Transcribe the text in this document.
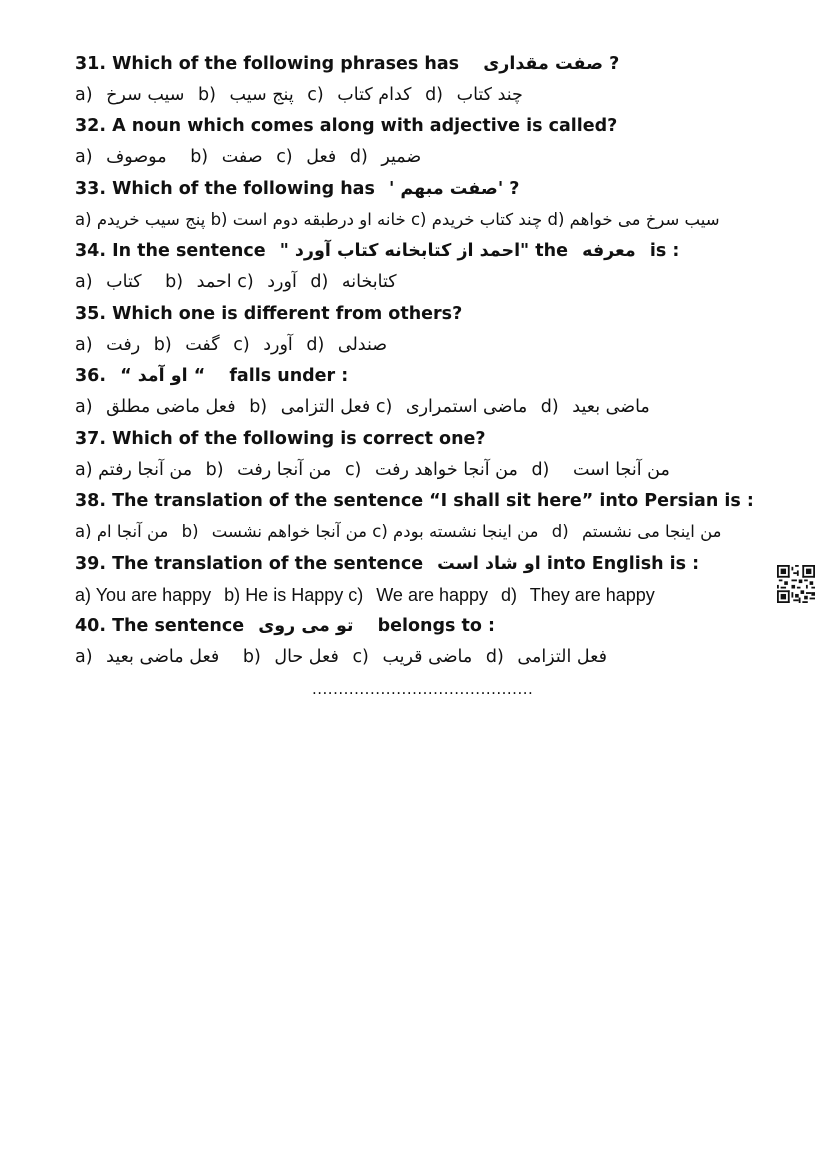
31. Which of the following phrases has صفت مقداری ?
a) سیب سرخ b) پنج سیب c) کدام کتاب d) چند کتاب
32. A noun which comes along with adjective is called?
a) موصوف b) صفت c) فعل d) ضمیر
33. Which of the following has 'صفت مبهم ' ?
a) پنج سیب خریدم b) خانه او درطبقه دوم است c) چند کتاب خریدم d) سیب سرخ می خواهم
34. In the sentence "احمد از کتابخانه کتاب آورد " the معرفه is :
a) کتاب b) احمد c) آورد d) کتابخانه
35. Which one is different from others?
a) رفت b) گفت c) آورد d) صندلی
36. “ او آمد “ falls under :
a) فعل ماضی مطلق b) فعل التزامی c) ماضی استمراری d) ماضی بعید
37. Which of the following is correct one?
a) من آنجا رفتم b) من آنجا رفت c) من آنجا خواهد رفت d) من آنجا است
38. The translation of the sentence “I shall sit here” into Persian is :
a) من آنجا ام b) من آنجا خواهم نشست c) من اینجا نشسته بودم d) من اینجا می نشستم
39. The translation of the sentence او شاد است into English is :
a) You are happy b) He is Happy c) We are happy d) They are happy
40. The sentence تو می روی belongs to :
a) فعل ماضی بعید b) فعل حال c) ماضی قریب d) فعل التزامی
..........................................
